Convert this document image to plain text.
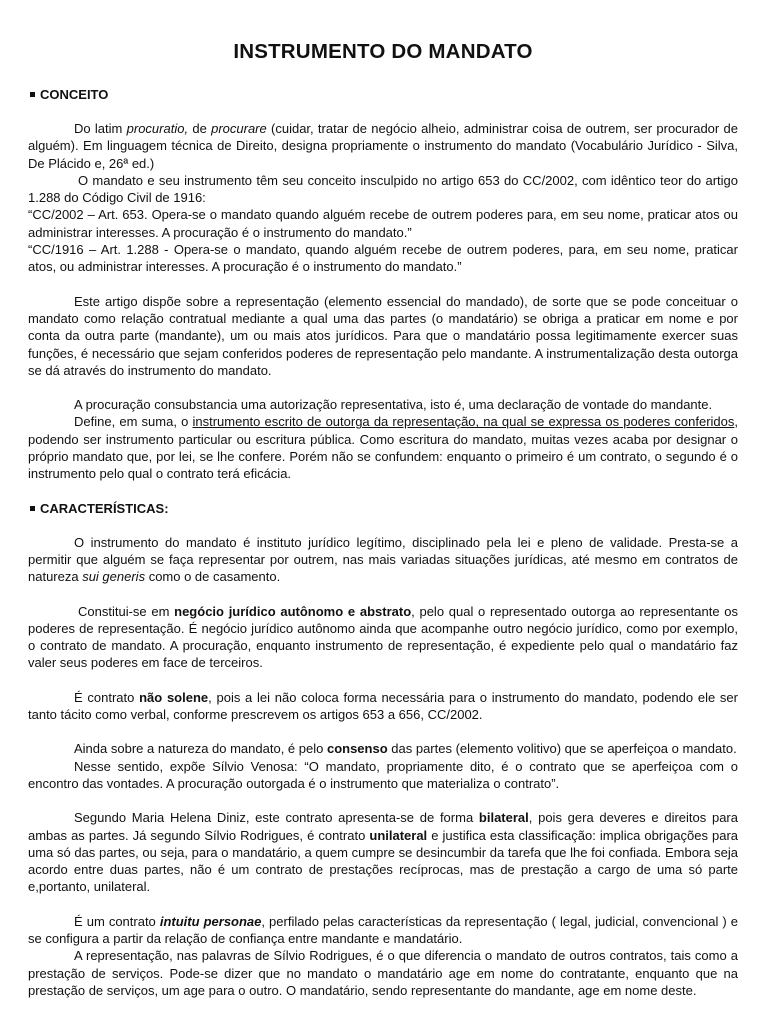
INSTRUMENTO DO MANDATO
CONCEITO

Do latim procuratio, de procurare (cuidar, tratar de negócio alheio, administrar coisa de outrem, ser procurador de alguém). Em linguagem técnica de Direito, designa propriamente o instrumento do mandato (Vocabulário Jurídico - Silva, De Plácido e, 26ª ed.)

O mandato e seu instrumento têm seu conceito insculpido no artigo 653 do CC/2002, com idêntico teor do artigo 1.288 do Código Civil de 1916:

“CC/2002 – Art. 653. Opera-se o mandato quando alguém recebe de outrem poderes para, em seu nome, praticar atos ou administrar interesses. A procuração é o instrumento do mandato.”

“CC/1916 – Art. 1.288 - Opera-se o mandato, quando alguém recebe de outrem poderes, para, em seu nome, praticar atos, ou administrar interesses. A procuração é o instrumento do mandato.”

Este artigo dispõe sobre a representação (elemento essencial do mandado), de sorte que se pode conceituar o mandato como relação contratual mediante a qual uma das partes (o mandatário) se obriga a praticar em nome e por conta da outra parte (mandante), um ou mais atos jurídicos. Para que o mandatário possa legitimamente exercer suas funções, é necessário que sejam conferidos poderes de representação pelo mandante. A instrumentalização desta outorga se dá através do instrumento do mandato.

A procuração consubstancia uma autorização representativa, isto é, uma declaração de vontade do mandante.

Define, em suma, o instrumento escrito de outorga da representação, na qual se expressa os poderes conferidos, podendo ser instrumento particular ou escritura pública. Como escritura do mandato, muitas vezes acaba por designar o próprio mandato que, por lei, se lhe confere. Porém não se confundem: enquanto o primeiro é um contrato, o segundo é o instrumento pelo qual o contrato terá eficácia.

CARACTERÍSTICAS:

O instrumento do mandato é instituto jurídico legítimo, disciplinado pela lei e pleno de validade. Presta-se a permitir que alguém se faça representar por outrem, nas mais variadas situações jurídicas, até mesmo em contratos de natureza sui generis como o de casamento.

Constitui-se em negócio jurídico autônomo e abstrato, pelo qual o representado outorga ao representante os poderes de representação. É negócio jurídico autônomo ainda que acompanhe outro negócio jurídico, como por exemplo, o contrato de mandato. A procuração, enquanto instrumento de representação, é expediente pelo qual o mandatário faz valer seus poderes em face de terceiros.

É contrato não solene, pois a lei não coloca forma necessária para o instrumento do mandato, podendo ele ser tanto tácito como verbal, conforme prescrevem os artigos 653 a 656, CC/2002.

Ainda sobre a natureza do mandato, é pelo consenso das partes (elemento volitivo) que se aperfeiçoa o mandato.

Nesse sentido, expõe Sílvio Venosa: “O mandato, propriamente dito, é o contrato que se aperfeiçoa com o encontro das vontades. A procuração outorgada é o instrumento que materializa o contrato”.

Segundo Maria Helena Diniz, este contrato apresenta-se de forma bilateral, pois gera deveres e direitos para ambas as partes. Já segundo Sílvio Rodrigues, é contrato unilateral e justifica esta classificação: implica obrigações para uma só das partes, ou seja, para o mandatário, a quem cumpre se desincumbir da tarefa que lhe foi confiada. Embora seja acordo entre duas partes, não é um contrato de prestações recíprocas, mas de prestação a cargo de uma só parte e,portanto, unilateral.

É um contrato intuitu personae, perfilado pelas características da representação ( legal, judicial, convencional ) e se configura a partir da relação de confiança entre mandante e mandatário.

A representação, nas palavras de Sílvio Rodrigues, é o que diferencia o mandato de outros contratos, tais como a prestação de serviços. Pode-se dizer que no mandato o mandatário age em nome do contratante, enquanto que na prestação de serviços, um age para o outro. O mandatário, sendo representante do mandante, age em nome deste.
